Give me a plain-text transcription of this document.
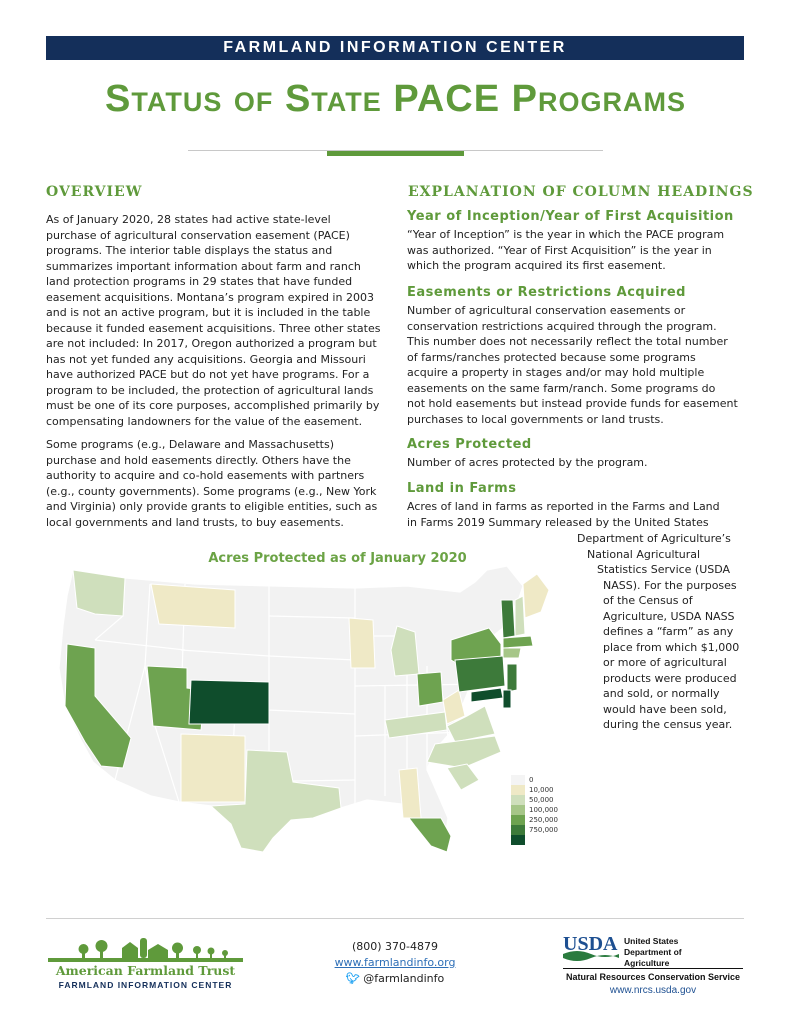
FARMLAND INFORMATION CENTER
Status of State PACE Programs
OVERVIEW
As of January 2020, 28 states had active state-level
purchase of agricultural conservation easement (PACE)
programs. The interior table displays the status and
summarizes important information about farm and ranch
land protection programs in 29 states that have funded
easement acquisitions. Montana’s program expired in 2003
and is not an active program, but it is included in the table
because it funded easement acquisitions. Three other states
are not included: In 2017, Oregon authorized a program but
has not yet funded any acquisitions. Georgia and Missouri
have authorized PACE but do not yet have programs. For a
program to be included, the protection of agricultural lands
must be one of its core purposes, accomplished primarily by
compensating landowners for the value of the easement.
Some programs (e.g., Delaware and Massachusetts)
purchase and hold easements directly. Others have the
authority to acquire and co-hold easements with partners
(e.g., county governments). Some programs (e.g., New York
and Virginia) only provide grants to eligible entities, such as
local governments and land trusts, to buy easements.
EXPLANATION OF COLUMN HEADINGS
Year of Inception/Year of First Acquisition
“Year of Inception” is the year in which the PACE program
was authorized. “Year of First Acquisition” is the year in
which the program acquired its first easement.
Easements or Restrictions Acquired
Number of agricultural conservation easements or
conservation restrictions acquired through the program.
This number does not necessarily reflect the total number
of farms/ranches protected because some programs
acquire a property in stages and/or may hold multiple
easements on the same farm/ranch. Some programs do
not hold easements but instead provide funds for easement
purchases to local governments or land trusts.
Acres Protected
Number of acres protected by the program.
Land in Farms
Acres of land in farms as reported in the Farms and Land
in Farms 2019 Summary released by the United States
Department of Agriculture’s
National Agricultural
Statistics Service (USDA
NASS). For the purposes
of the Census of
Agriculture, USDA NASS
defines a “farm” as any
place from which $1,000
or more of agricultural
products were produced
and sold, or normally
would have been sold,
during the census year.
Acres Protected as of January 2020
0
10,000
50,000
100,000
250,000
750,000
American Farmland Trust
FARMLAND INFORMATION CENTER
(800) 370-4879
www.farmlandinfo.org
🐦︎ @farmlandinfo
USDA United States
Department of
Agriculture
Natural Resources Conservation Service
www.nrcs.usda.gov
